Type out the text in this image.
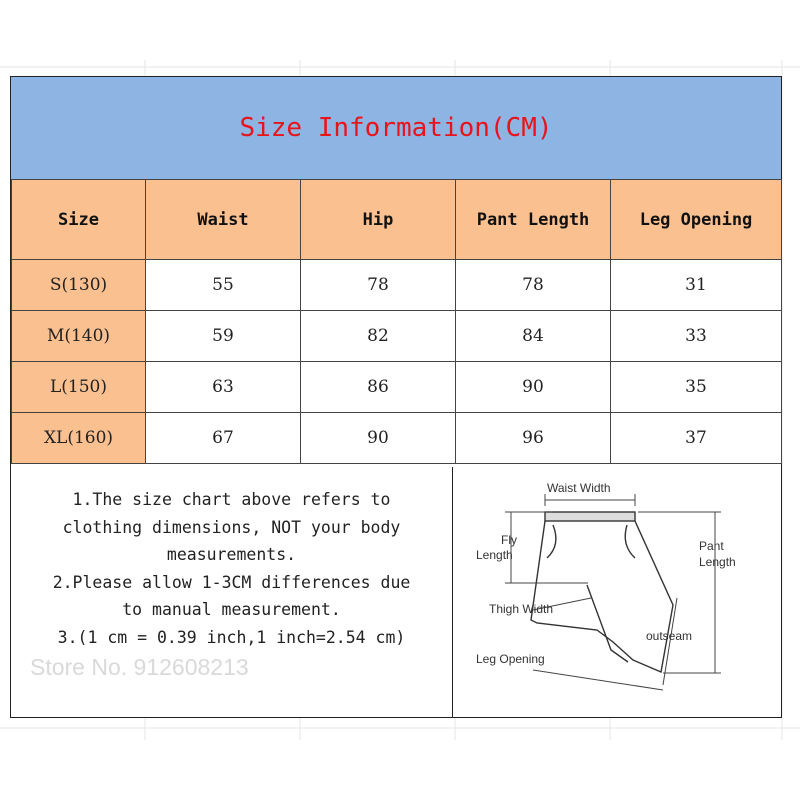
Size Information(CM)
Size	Waist	Hip	Pant Length	Leg Opening
S(130)	55	78	78	31
M(140)	59	82	84	33
L(150)	63	86	90	35
XL(160)	67	90	96	37

1.The size chart above refers to

clothing dimensions, NOT your body

measurements.

2.Please allow 1-3CM differences due

to manual measurement.

3.(1 cm = 0.39 inch,1 inch=2.54 cm)

Store No. 912608213
Waist Width
Fly
Length
Pant
Length
Thigh Width
outseam
Leg Opening
